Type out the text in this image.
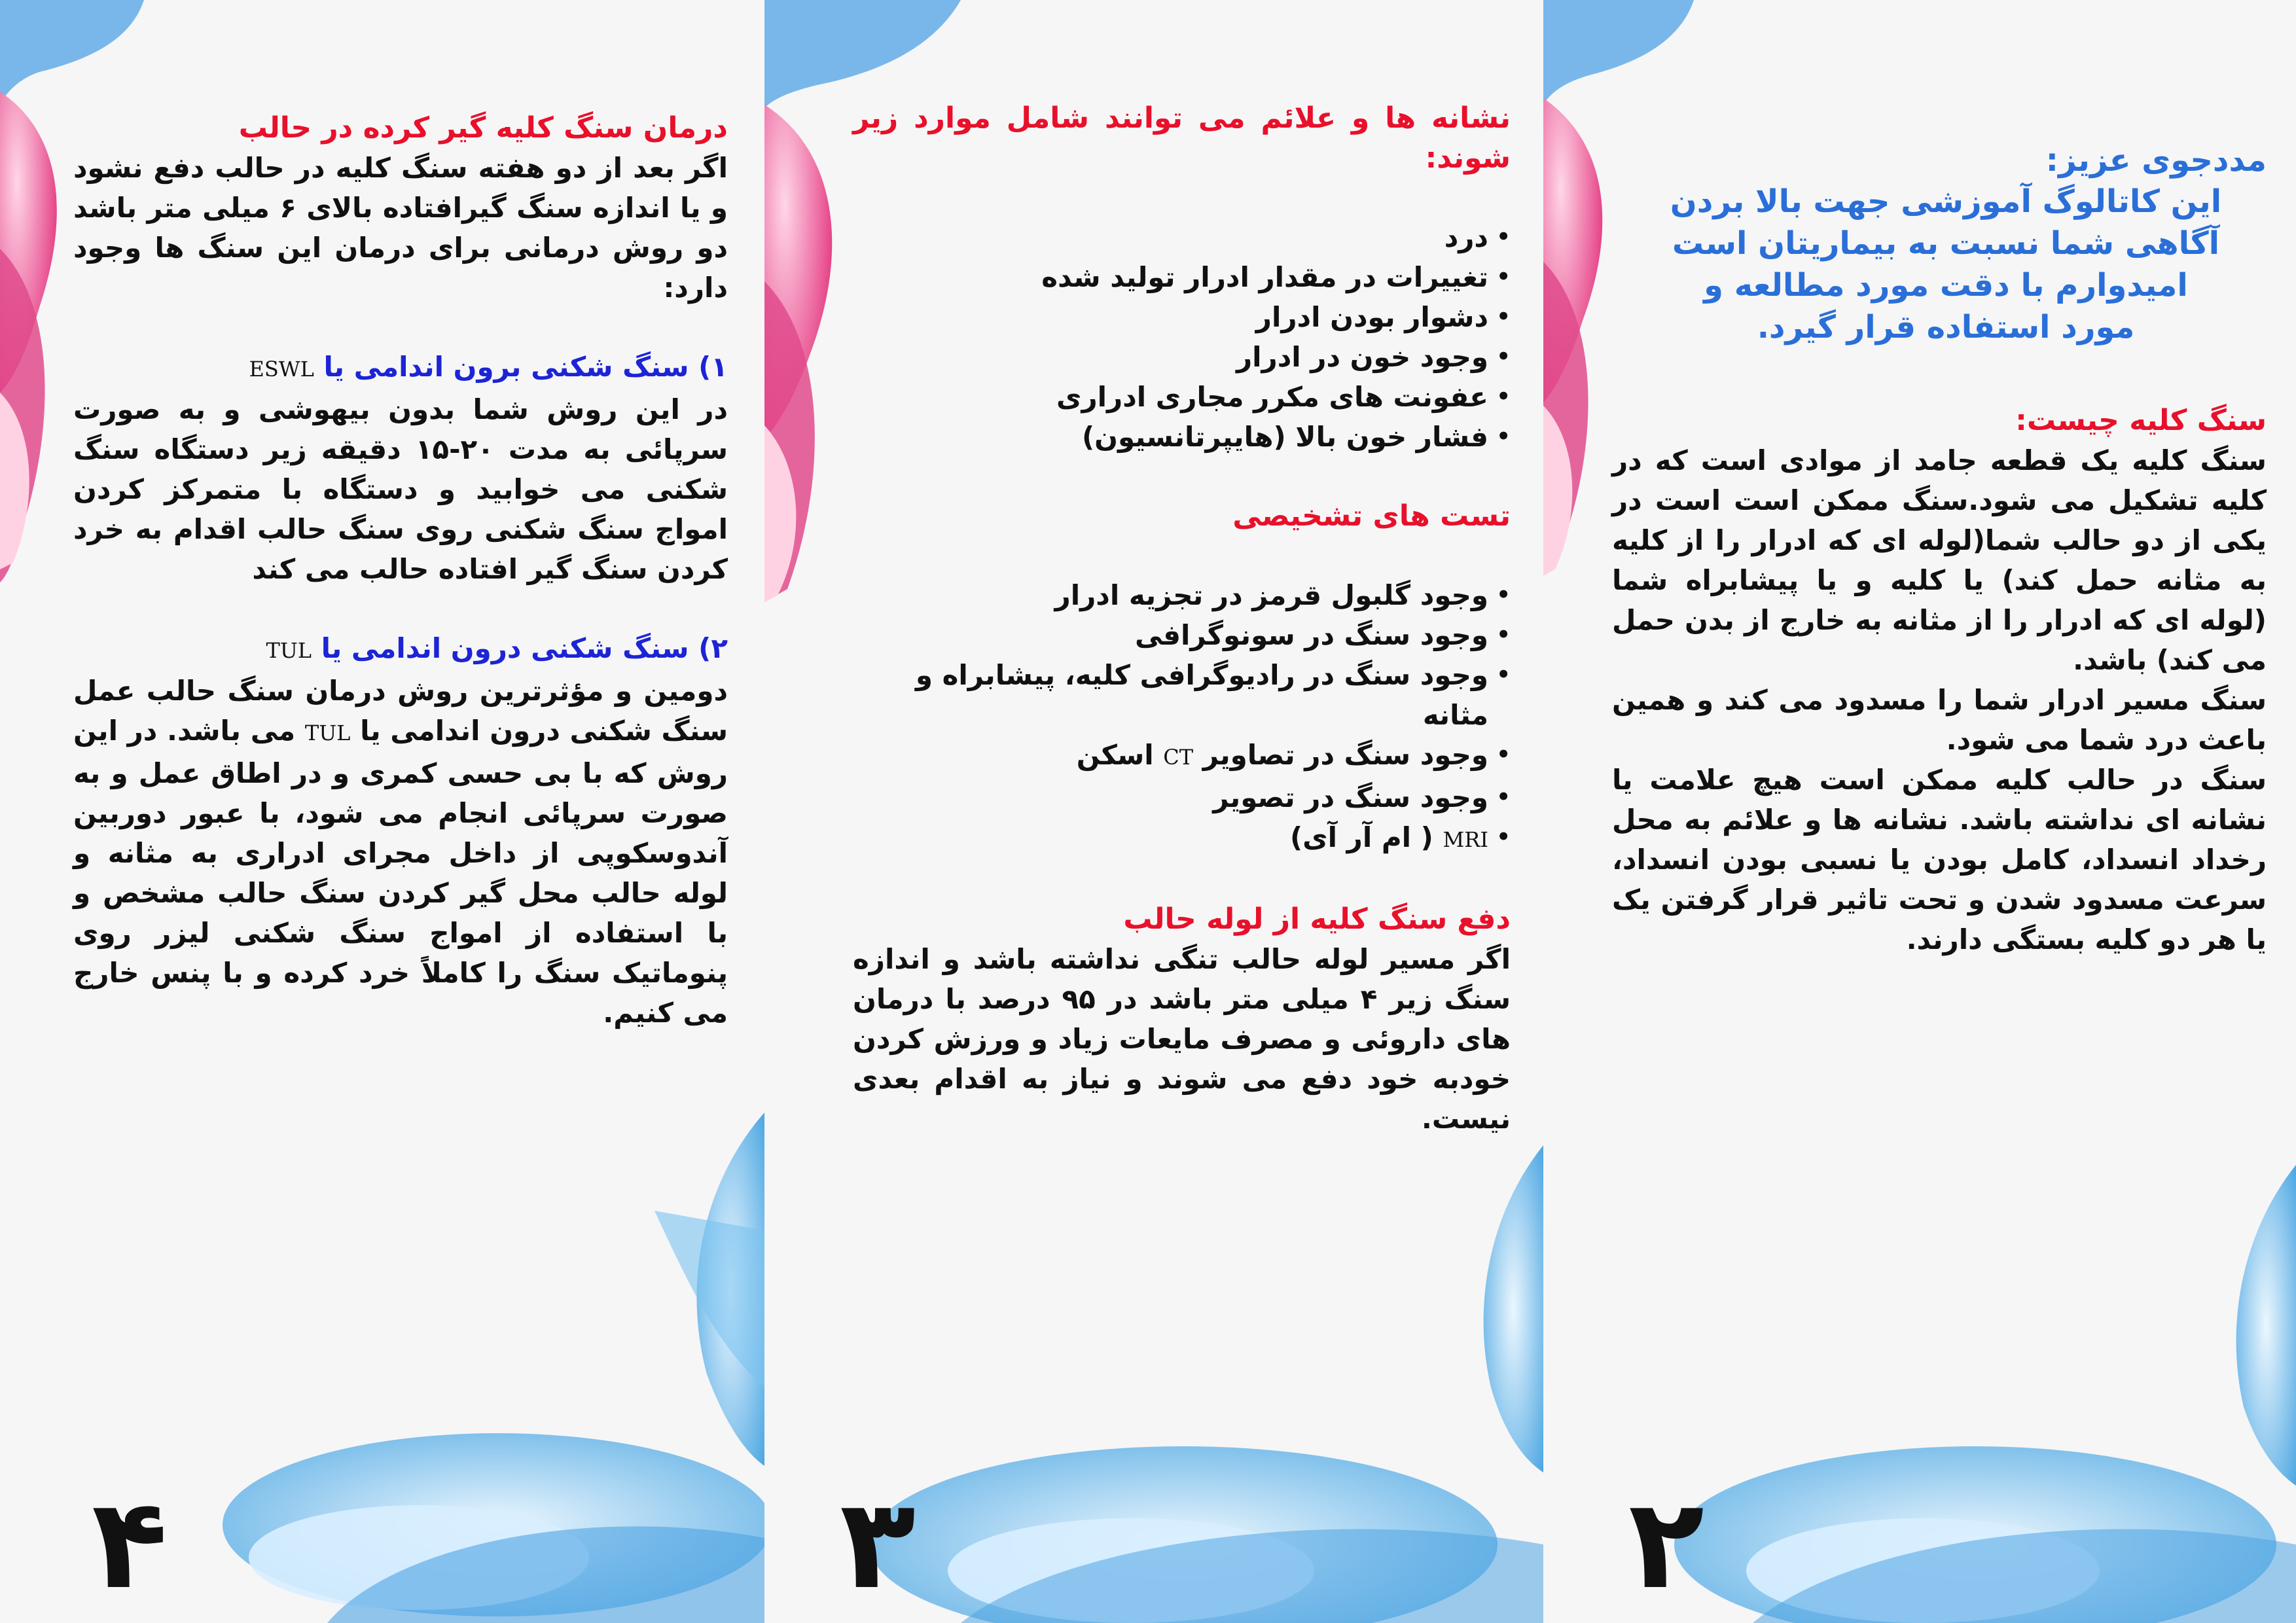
درمان سنگ کلیه گیر کرده در حالب

اگر بعد از دو هفته سنگ کلیه در حالب دفع نشود و یا اندازه سنگ گیرافتاده بالای ۶ میلی متر باشد دو روش درمانی برای درمان این سنگ ها وجود دارد:

۱) سنگ شکنی برون اندامی یا ESWL

در این روش شما بدون بیهوشی و به صورت سرپائی به مدت ۲۰-۱۵ دقیقه زیر دستگاه سنگ شکنی می خوابید و دستگاه با متمرکز کردن امواج سنگ شکنی روی سنگ حالب اقدام به خرد کردن سنگ گیر افتاده حالب می کند

۲) سنگ شکنی درون اندامی یا TUL

دومین و مؤثرترین روش درمان سنگ حالب عمل سنگ شکنی درون اندامی یا TUL می باشد. در این روش که با بی حسی کمری و در اطاق عمل و به صورت سرپائی انجام می شود، با عبور دوربین آندوسکوپی از داخل مجرای ادراری به مثانه و لوله حالب محل گیر کردن سنگ حالب مشخص و با استفاده از امواج سنگ شکنی لیزر روی پنوماتیک سنگ را کاملاً خرد کرده و با پنس خارج می کنیم.

۴

نشانه ها و علائم می توانند شامل موارد زیر شوند:

• درد
• تغییرات در مقدار ادرار تولید شده
• دشوار بودن ادرار
• وجود خون در ادرار
• عفونت های مکرر مجاری ادراری
• فشار خون بالا (هایپرتانسیون)

تست های تشخیصی

• وجود گلبول قرمز در تجزیه ادرار
• وجود سنگ در سونوگرافی
• وجود سنگ در رادیوگرافی کلیه، پیشابراه و مثانه
• وجود سنگ در تصاویر CT اسکن
• وجود سنگ در تصویر
• MRI ( ام آر آی)

دفع سنگ کلیه از لوله حالب

اگر مسیر لوله حالب تنگی نداشته باشد و اندازه سنگ زیر ۴ میلی متر باشد در ۹۵ درصد با درمان های داروئی و مصرف مایعات زیاد و ورزش کردن خودبه خود دفع می شوند و نیاز به اقدام بعدی نیست.

۳

مددجوی عزیز:

این کاتالوگ آموزشی جهت بالا بردن آگاهی شما نسبت به بیماریتان است امیدوارم با دقت مورد مطالعه و مورد استفاده قرار گیرد.

سنگ کلیه چیست:

سنگ کلیه یک قطعه جامد از موادی است که در کلیه تشکیل می شود.سنگ ممکن است است در یکی از دو حالب شما(لوله ای که ادرار را از کلیه به مثانه حمل کند) یا کلیه و یا پیشابراه شما (لوله ای که ادرار را از مثانه به خارج از بدن حمل می کند) باشد.

سنگ مسیر ادرار شما را مسدود می کند و همین باعث درد شما می شود.

سنگ در حالب کلیه ممکن است هیچ علامت یا نشانه ای نداشته باشد. نشانه ها و علائم به محل رخداد انسداد، کامل بودن یا نسبی بودن انسداد، سرعت مسدود شدن و تحت تاثیر قرار گرفتن یک یا هر دو کلیه بستگی دارند.

۲
